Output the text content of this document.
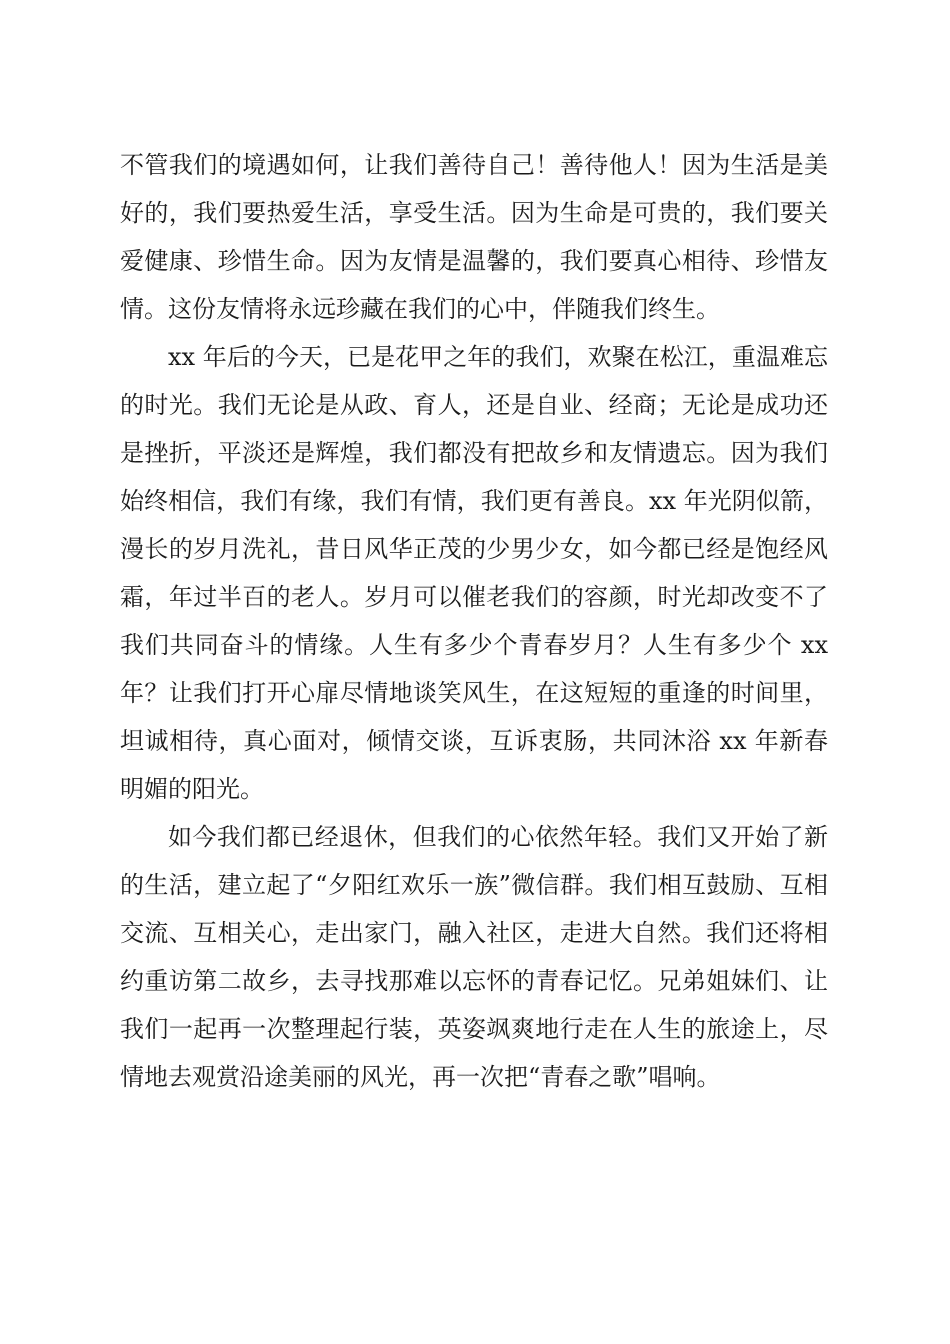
不管我们的境遇如何，让我们善待自己！善待他人！因为生活是美好的，我们要热爱生活，享受生活。因为生命是可贵的，我们要关爱健康、珍惜生命。因为友情是温馨的，我们要真心相待、珍惜友情。这份友情将永远珍藏在我们的心中，伴随我们终生。

xx 年后的今天，已是花甲之年的我们，欢聚在松江，重温难忘的时光。我们无论是从政、育人，还是自业、经商；无论是成功还是挫折，平淡还是辉煌，我们都没有把故乡和友情遗忘。因为我们始终相信，我们有缘，我们有情，我们更有善良。xx 年光阴似箭，漫长的岁月洗礼，昔日风华正茂的少男少女，如今都已经是饱经风霜，年过半百的老人。岁月可以催老我们的容颜，时光却改变不了我们共同奋斗的情缘。人生有多少个青春岁月？人生有多少个 xx 年？让我们打开心扉尽情地谈笑风生，在这短短的重逢的时间里，坦诚相待，真心面对，倾情交谈，互诉衷肠，共同沐浴 xx 年新春明媚的阳光。

如今我们都已经退休，但我们的心依然年轻。我们又开始了新的生活，建立起了“夕阳红欢乐一族”微信群。我们相互鼓励、互相交流、互相关心，走出家门，融入社区，走进大自然。我们还将相约重访第二故乡，去寻找那难以忘怀的青春记忆。兄弟姐妹们、让我们一起再一次整理起行装，英姿飒爽地行走在人生的旅途上，尽情地去观赏沿途美丽的风光，再一次把“青春之歌”唱响。
